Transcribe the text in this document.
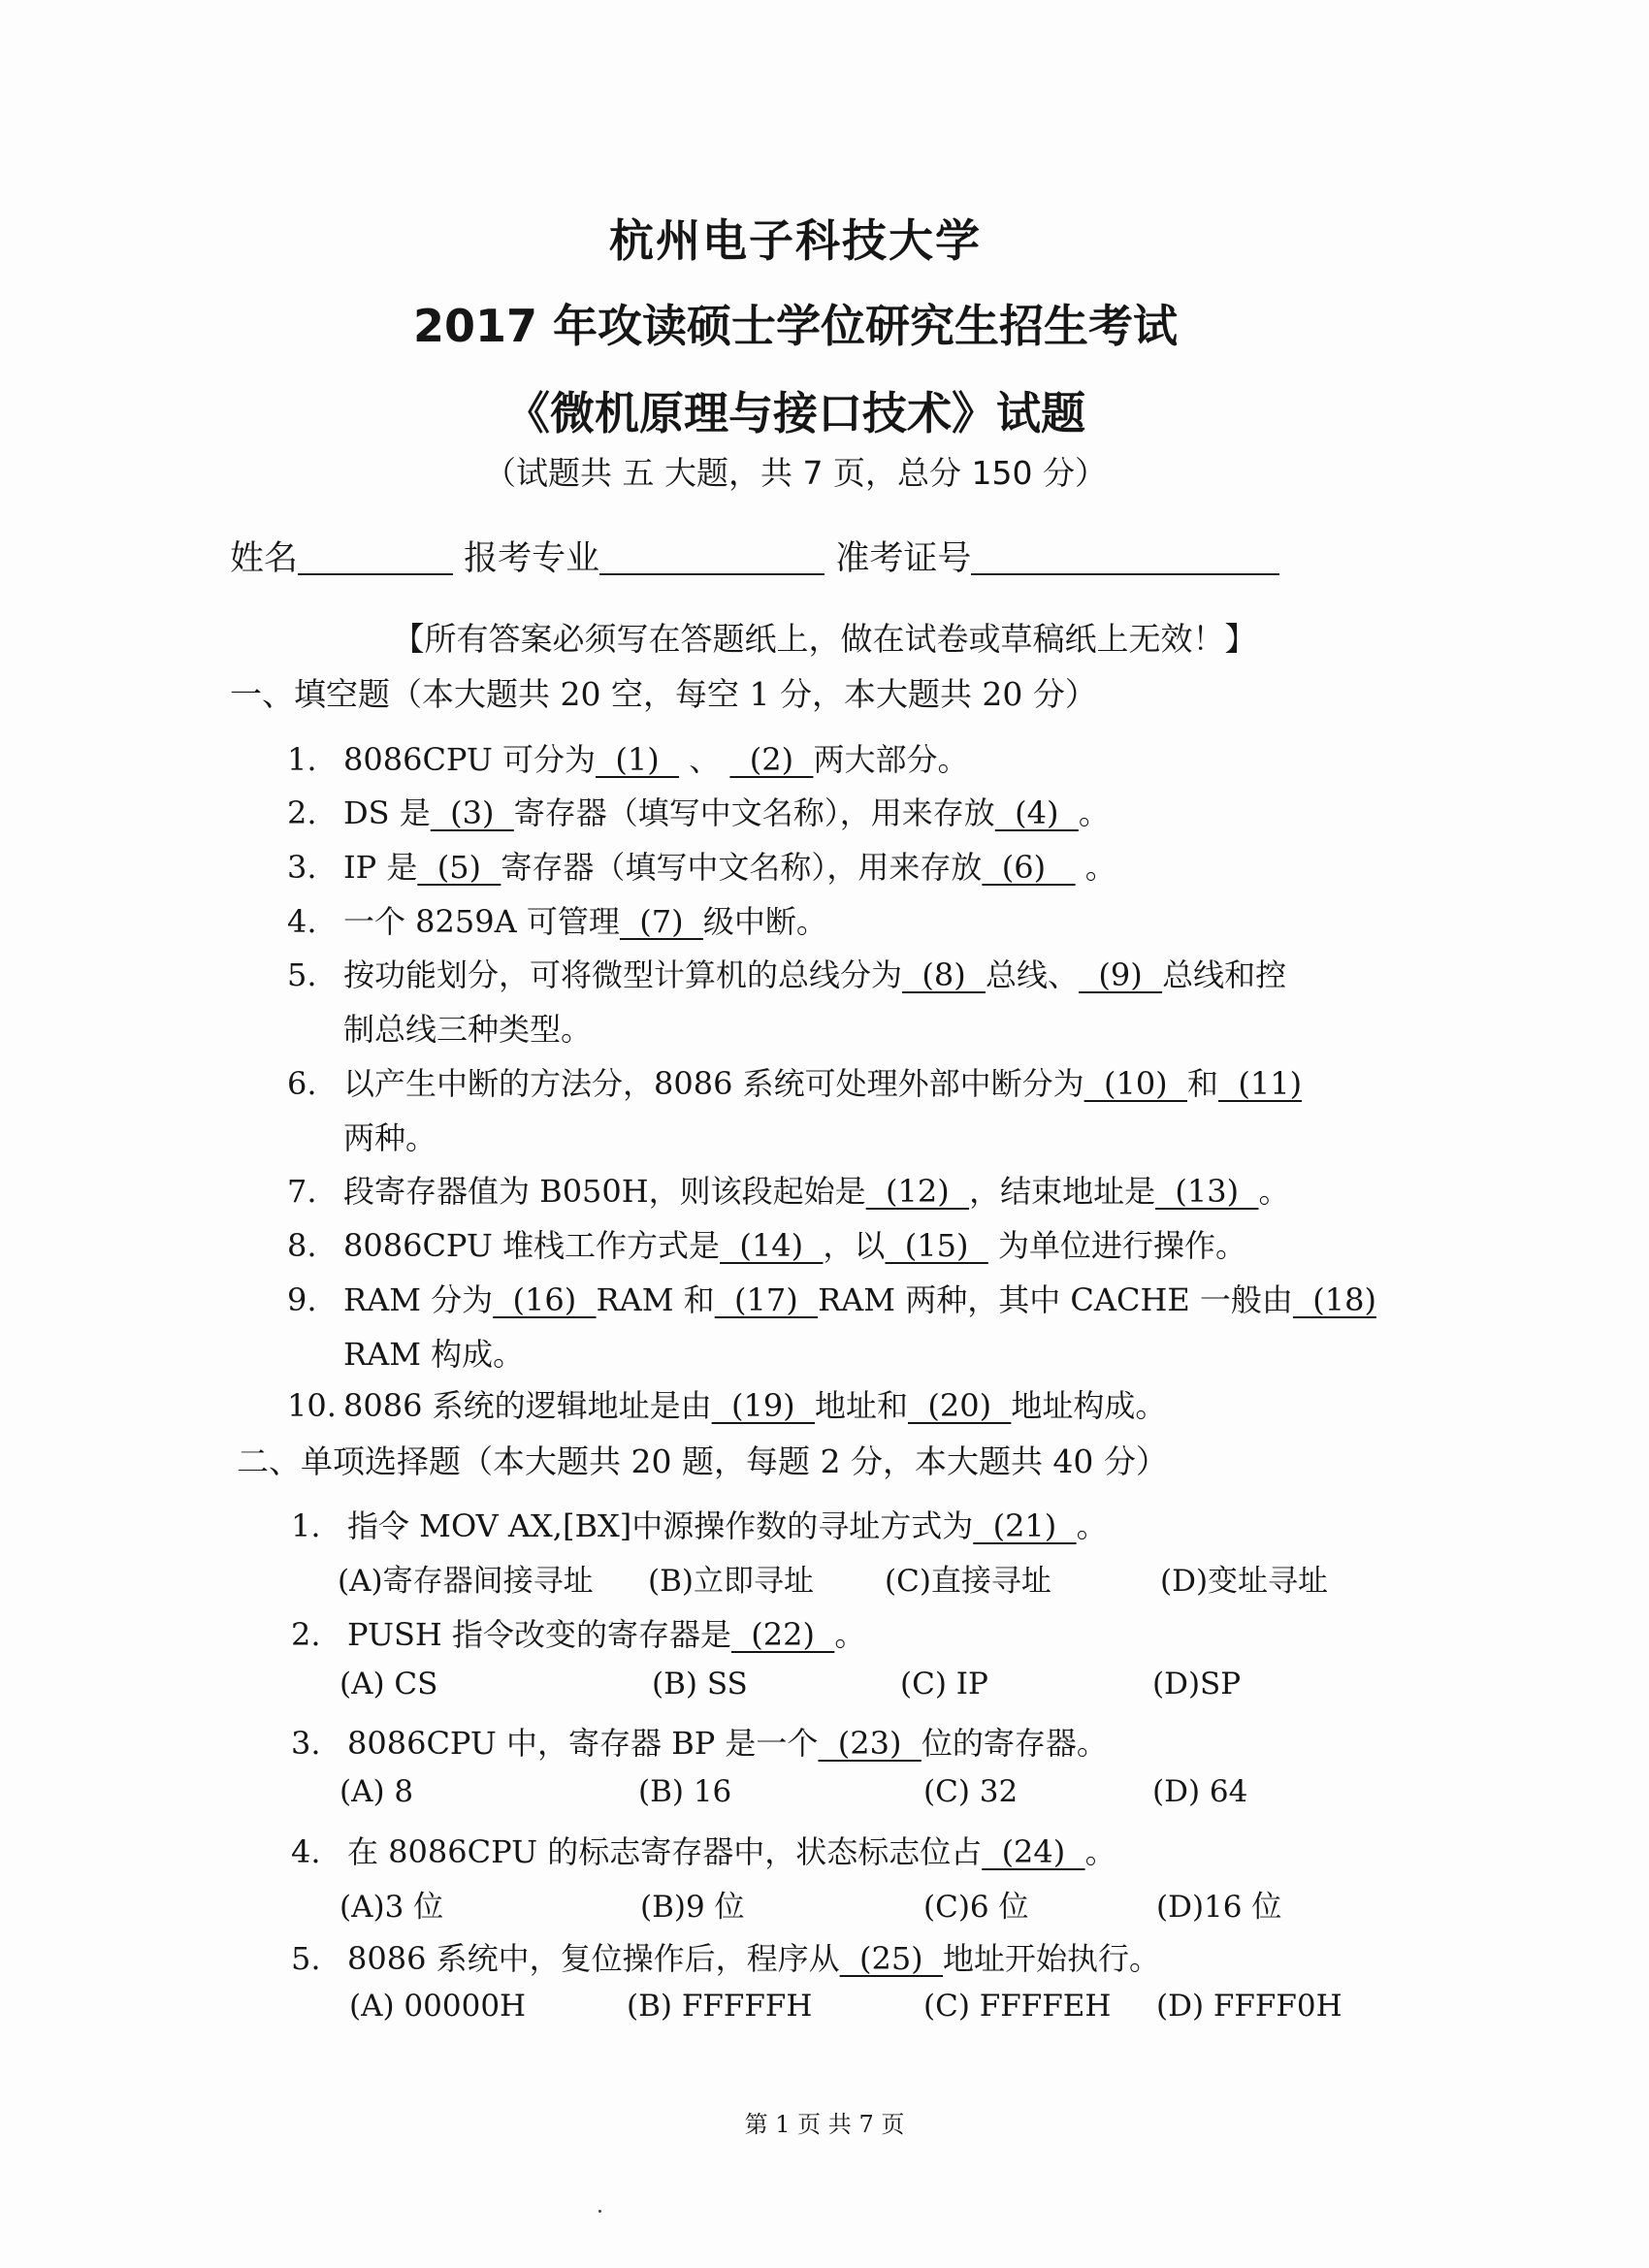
杭州电子科技大学
2017 年攻读硕士学位研究生招生考试
《微机原理与接口技术》试题
（试题共 五 大题，共 7 页，总分 150 分）
姓名	报考专业	准考证号
【所有答案必须写在答题纸上，做在试卷或草稿纸上无效！】
一、填空题（本大题共 20 空，每空 1 分，本大题共 20 分）
1. 8086CPU 可分为  (1)   、   (2)  两大部分。
2. DS 是  (3)  寄存器（填写中文名称），用来存放  (4)  。
3. IP 是  (5)  寄存器（填写中文名称），用来存放  (6)    。
4. 一个 8259A 可管理  (7)  级中断。
5. 按功能划分，可将微型计算机的总线分为  (8)  总线、  (9)  总线和控
制总线三种类型。
6. 以产生中断的方法分，8086 系统可处理外部中断分为  (10)  和  (11)
两种。
7. 段寄存器值为 B050H，则该段起始是  (12)  ，结束地址是  (13)  。
8. 8086CPU 堆栈工作方式是  (14)  ，以  (15)   为单位进行操作。
9. RAM 分为  (16)  RAM 和  (17)  RAM 两种，其中 CACHE 一般由  (18)
RAM 构成。
10. 8086 系统的逻辑地址是由  (19)  地址和  (20)  地址构成。
二、单项选择题（本大题共 20 题，每题 2 分，本大题共 40 分）
1. 指令 MOV AX,[BX]中源操作数的寻址方式为  (21)  。
(A)寄存器间接寻址 (B)立即寻址 (C)直接寻址	(D)变址寻址
2. PUSH 指令改变的寄存器是  (22)  。
(A) CS	(B) SS	(C) IP	(D)SP
3. 8086CPU 中，寄存器 BP 是一个  (23)  位的寄存器。
(A) 8	(B) 16	(C) 32	(D) 64
4. 在 8086CPU 的标志寄存器中，状态标志位占  (24)  。
(A)3 位	(B)9 位	(C)6 位	(D)16 位
5. 8086 系统中，复位操作后，程序从  (25)  地址开始执行。
(A) 00000H	(B) FFFFFH	(C) FFFFEH (D) FFFF0H
第 1 页 共 7 页
